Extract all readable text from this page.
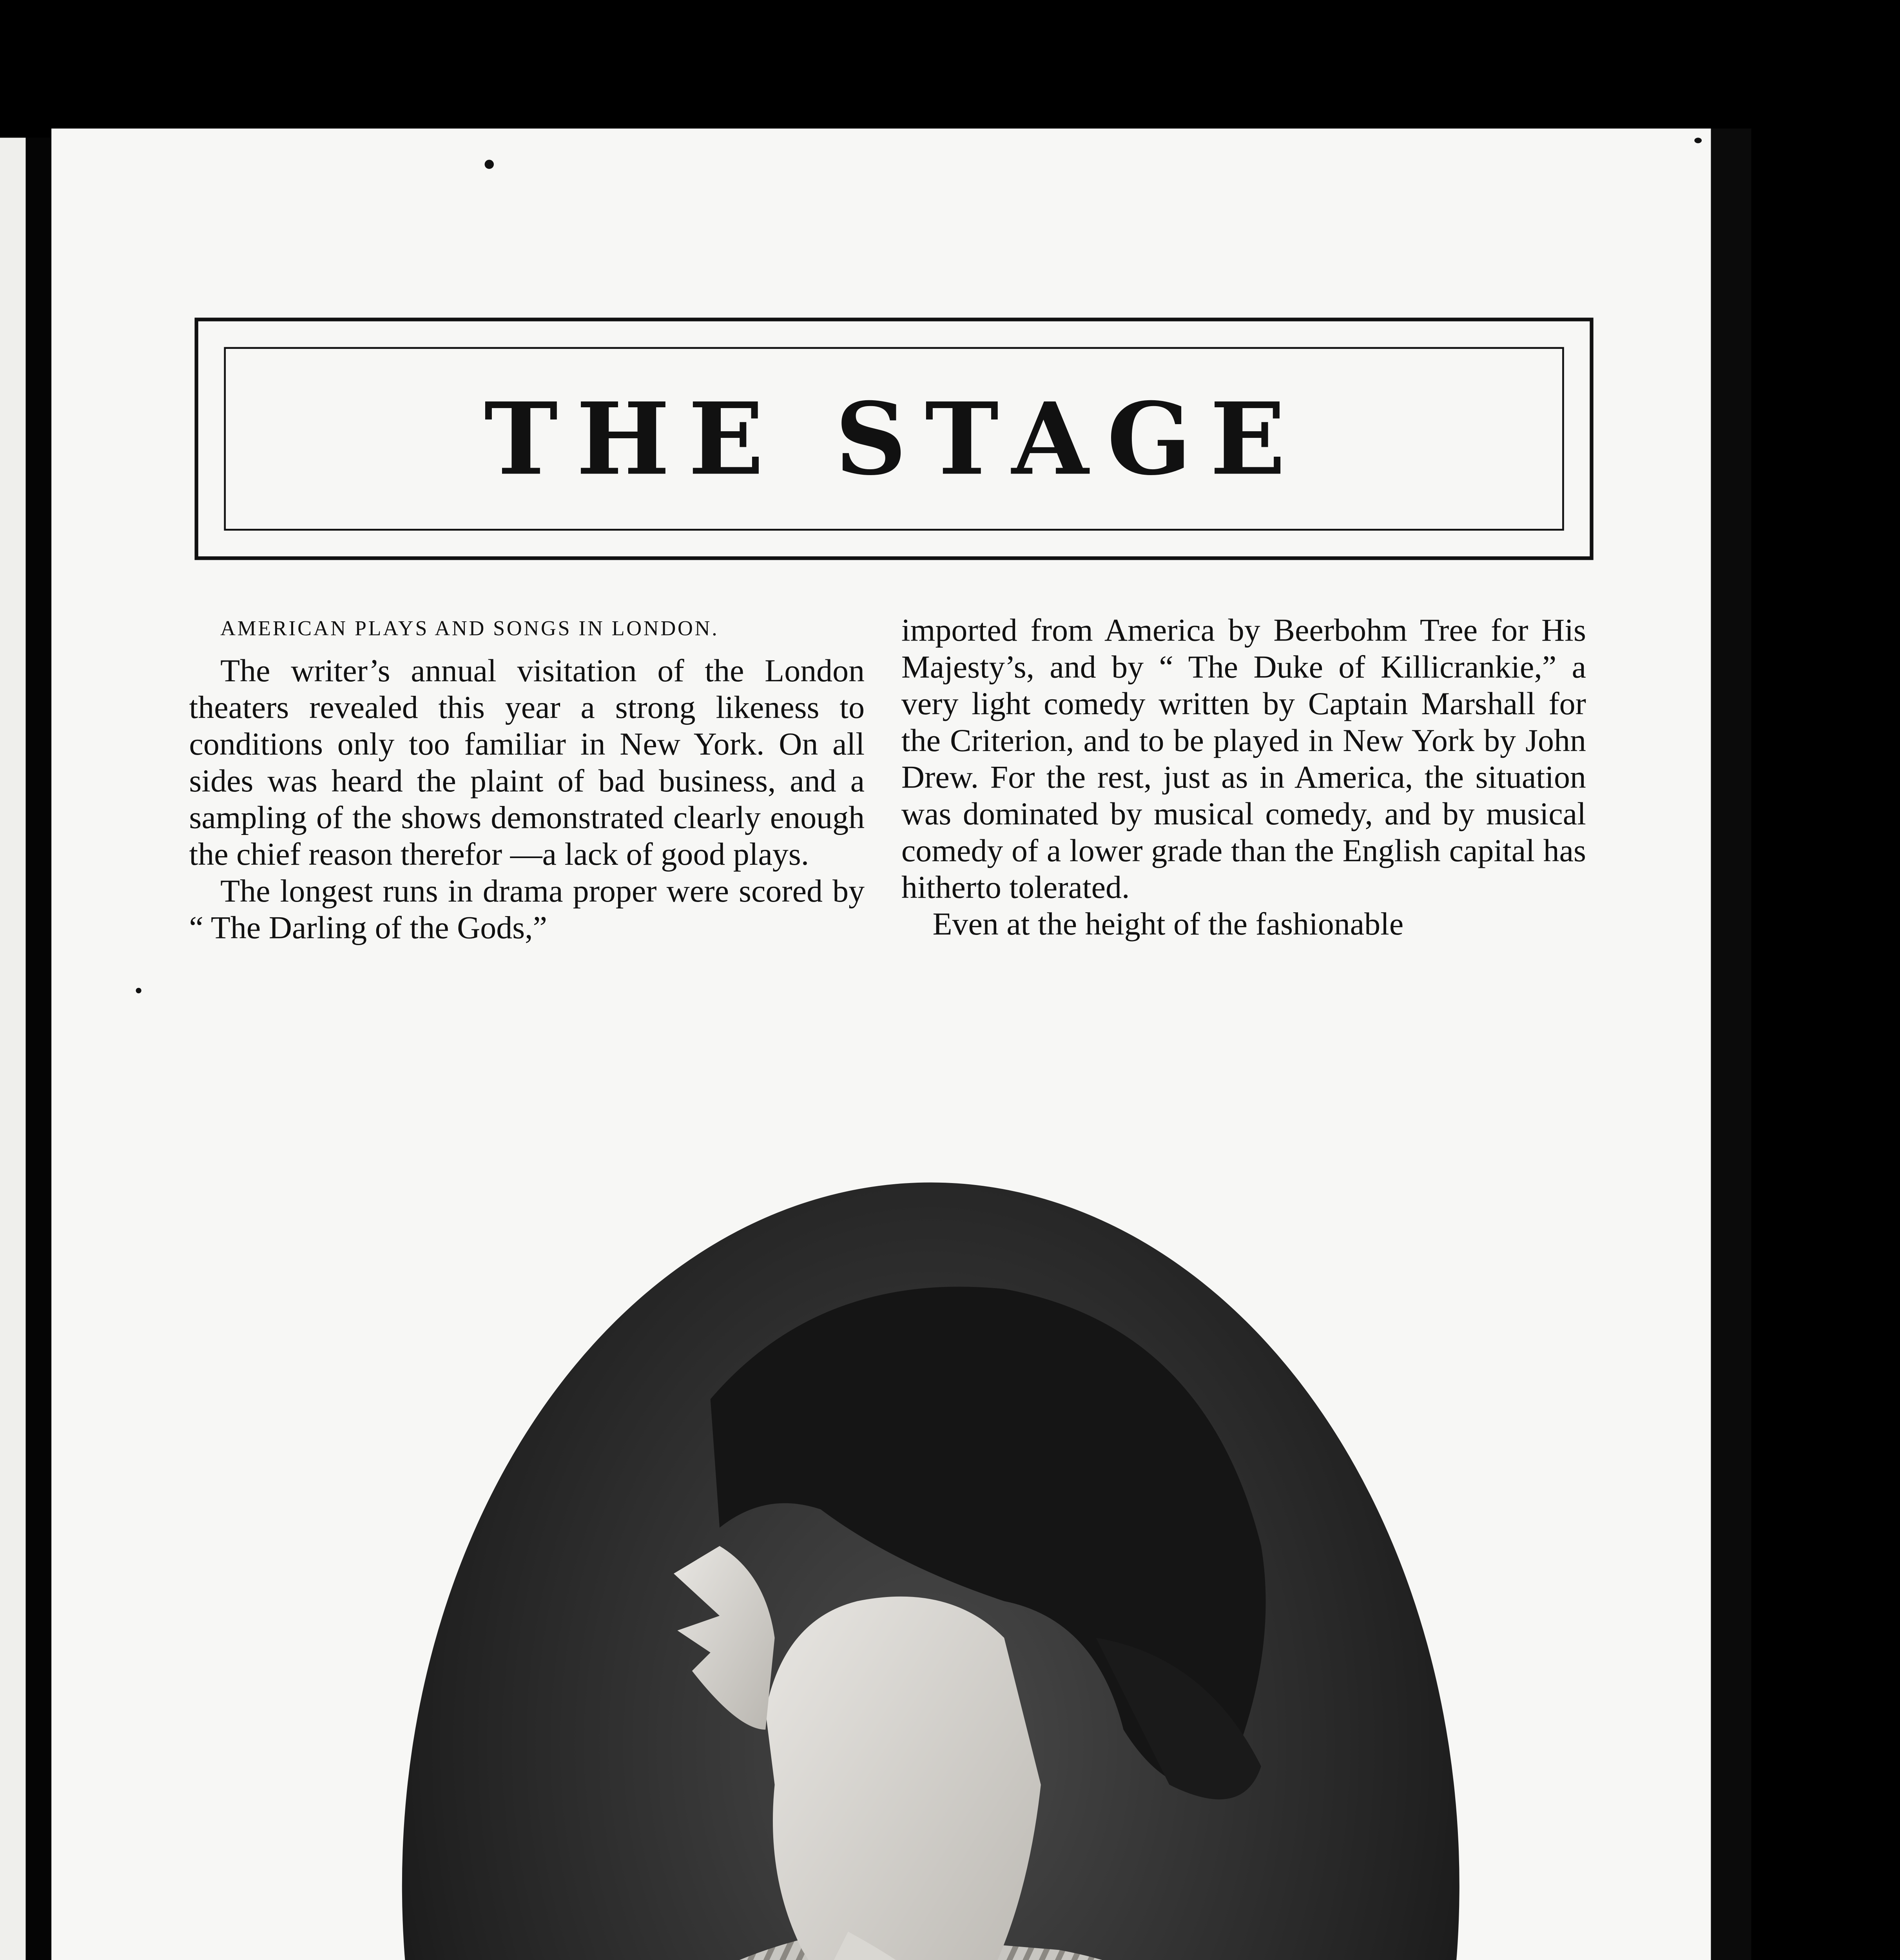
THE STAGE
AMERICAN PLAYS AND SONGS IN LONDON.

The writer’s annual visitation of the London theaters revealed this year a strong likeness to conditions only too familiar in New York. On all sides was heard the plaint of bad business, and a sampling of the shows demonstrated clearly enough the chief reason therefor —a lack of good plays.

The longest runs in drama proper were scored by “ The Darling of the Gods,”

imported from America by Beerbohm Tree for His Majesty’s, and by “ The Duke of Killicrankie,” a very light comedy written by Captain Marshall for the Criterion, and to be played in New York by John Drew. For the rest, just as in America, the situation was dominated by musical comedy, and by musical comedy of a lower grade than the English capital has hitherto tolerated.

Even at the height of the fashionable
